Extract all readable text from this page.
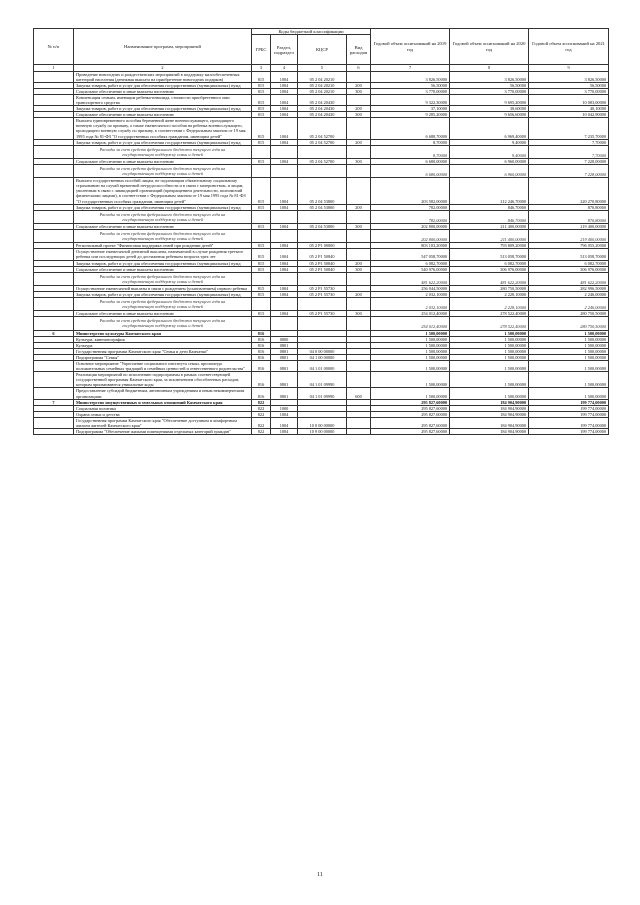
№ п/п	Наименование программ, мероприятий	Коды бюджетной классификации				Годовой объем ассигнований на 2019 год	Годовой объем ассигнований на 2020 год	Годовой объем ассигнований на 2021 год
		ГРБС	Раздел, подраздел	КЦСР	Вид расходов			
1	2	3	4	5	6	7	8	9
	Проведение новогодних и рождественских мероприятий в поддержку малообеспеченных категорий населения (денежная выплата на приобретение новогодних подарков)	815	1004	05 2 04 20210		3 826,50000	3 826,50000	3 826,50000
	Закупка товаров, работ и услуг для обеспечения государственных (муниципальных) нужд	815	1004	05 2 04 20210	200	56,50000	56,50000	56,50000
	Социальное обеспечение и иные выплаты населению	815	1004	05 2 04 20210	300	3 770,00000	3 770,00000	3 770,00000
	Компенсация семьям, имеющим ребенка-инвалида, стоимости приобретенного ими транспортного средства	815	1004	05 2 04 20430		9 322,30000	9 695,20000	10 083,00000
	Закупка товаров, работ и услуг для обеспечения государственных (муниципальных) нужд	815	1004	05 2 04 20430	200	37,10000	38,60000	40,10000
	Социальное обеспечение и иные выплаты населению	815	1004	05 2 04 20430	300	9 285,20000	9 656,60000	10 042,90000
	Выплата единовременного пособия беременной жене военнослужащего, проходящего военную службу по призыву, а также ежемесячного пособия на ребенка военнослужащего, проходящего военную службу по призыву, в соответствии с Федеральным законом от 19 мая 1995 года № 81-ФЗ "О государственных пособиях гражданам, имеющим детей"	815	1004	05 2 04 52700		6 688,70000	6 969,40000	7 235,70000
	Закупка товаров, работ и услуг для обеспечения государственных (муниципальных) нужд	815	1004	05 2 04 52700	200	8,70000	9,40000	7,70000

	Расходы за счет средств федерального бюджета текущего года на государственную поддержку семьи и детей					8,70000	9,40000	7,70000

	Социальное обеспечение и иные выплаты населению	815	1004	05 2 04 52700	300	6 680,00000	6 960,00000	7 228,00000

	Расходы за счет средств федерального бюджета текущего года на государственную поддержку семьи и детей					6 680,00000	6 960,00000	7 228,00000

	Выплата государственных пособий лицам, не подлежащим обязательному социальному страхованию на случай временной нетрудоспособности и в связи с материнством, и лицам, уволенным в связи с ликвидацией организаций (прекращением деятельности, полномочий физическими лицами), в соответствии с Федеральным законом от 19 мая 1995 года № 81-ФЗ "О государственных пособиях гражданам, имеющим детей"	815	1004	05 2 04 53800		203 582,00000	212 246,70000	220 270,80000
	Закупка товаров, работ и услуг для обеспечения государственных (муниципальных) нужд	815	1004	05 2 04 53800	200	782,00000	846,70000	870,80000

	Расходы за счет средств федерального бюджета текущего года на государственную поддержку семьи и детей					782,00000	846,70000	870,80000

	Социальное обеспечение и иные выплаты населению	815	1004	05 2 04 53800	300	202 800,00000	211 400,00000	219 400,00000

	Расходы за счет средств федерального бюджета текущего года на государственную поддержку семьи и детей					202 800,00000	211 400,00000	219 400,00000

	Региональный проект "Финансовая поддержка семей при рождении детей"	815	1004	05 2 P1 00000		803 103,20000	793 809,20000	796 055,20000
	Осуществление ежемесячной денежной выплаты, назначаемой в случае рождения третьего ребенка или последующих детей до достижения ребенком возраста трех лет	815	1004	05 2 P1 50840		547 058,70000	513 058,70000	513 058,70000
	Закупка товаров, работ и услуг для обеспечения государственных (муниципальных) нужд	815	1004	05 2 P1 50840	200	6 082,70000	6 082,70000	6 082,70000
	Социальное обеспечение и иные выплаты населению	815	1004	05 2 P1 50840	300	540 976,00000	506 976,00000	506 976,00000

	Расходы за счет средств федерального бюджета текущего года на государственную поддержку семьи и детей					481 622,20000	481 622,20000	481 622,20000

	Осуществление ежемесячной выплаты в связи с рождением (усыновлением) первого ребенка	815	1004	05 2 P1 55730		256 044,50000	280 750,50000	282 996,50000
	Закупка товаров, работ и услуг для обеспечения государственных (муниципальных) нужд	815	1004	05 2 P1 55730	200	2 032,10000	2 228,10000	2 246,00000

	Расходы за счет средств федерального бюджета текущего года на государственную поддержку семьи и детей					2 032,10000	2 228,10000	2 246,00000

	Социальное обеспечение и иные выплаты населению	815	1004	05 2 P1 55730	300	254 012,40000	278 522,40000	280 750,50000

	Расходы за счет средств федерального бюджета текущего года на государственную поддержку семьи и детей					254 012,40000	278 522,40000	280 750,50000

6	Министерство культуры Камчатского края	816				1 500,00000	1 500,00000	1 500,00000
	Культура, кинематография	816	0800			1 500,00000	1 500,00000	1 500,00000
	Культура	816	0801			1 500,00000	1 500,00000	1 500,00000
	Государственная программа Камчатского края "Семья и дети Камчатки"	816	0801	04 0 00 00000		1 500,00000	1 500,00000	1 500,00000
	Подпрограмма "Семья"	816	0801	04 1 00 00000		1 500,00000	1 500,00000	1 500,00000
	Основное мероприятие "Укрепление социального института семьи, пропаганда положительных семейных традиций и семейных ценностей и ответственного родительства"	816	0801	04 1 01 00000		1 500,00000	1 500,00000	1 500,00000
	Реализация мероприятий по исполнению подпрограммы в рамках соответствующей государственной программы Камчатского края, за исключением обособленных расходов, которым присваиваются уникальные коды	816	0801	04 1 01 09990		1 500,00000	1 500,00000	1 500,00000
	Предоставление субсидий бюджетным, автономным учреждениям и иным некоммерческим организациям	816	0801	04 1 01 09990	600	1 500,00000	1 500,00000	1 500,00000
7	Министерство имущественных и земельных отношений Камчатского края	822				295 827,60000	184 904,90000	199 774,00000
	Социальная политика	822	1000			295 827,60000	184 904,90000	199 774,00000
	Охрана семьи и детства	822	1004			295 827,60000	184 904,90000	199 774,00000
	Государственная программа Камчатского края "Обеспечение доступным и комфортным жильем жителей Камчатского края"	822	1004	10 0 00 00000		295 827,60000	184 904,90000	199 774,00000
	Подпрограмма "Обеспечение жилыми помещениями отдельных категорий граждан"	822	1004	10 9 00 00000		295 827,60000	184 904,90000	199 774,00000
11
